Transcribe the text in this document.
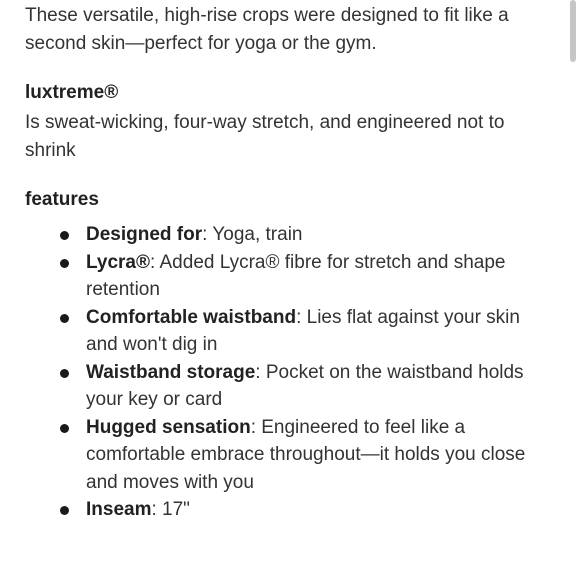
These versatile, high-rise crops were designed to fit like a second skin—perfect for yoga or the gym.

luxtreme®

Is sweat-wicking, four-way stretch, and engineered not to shrink

features

Designed for: Yoga, train
Lycra®: Added Lycra® fibre for stretch and shape retention
Comfortable waistband: Lies flat against your skin and won't dig in
Waistband storage: Pocket on the waistband holds your key or card
Hugged sensation: Engineered to feel like a comfortable embrace throughout—it holds you close and moves with you
Inseam: 17"
